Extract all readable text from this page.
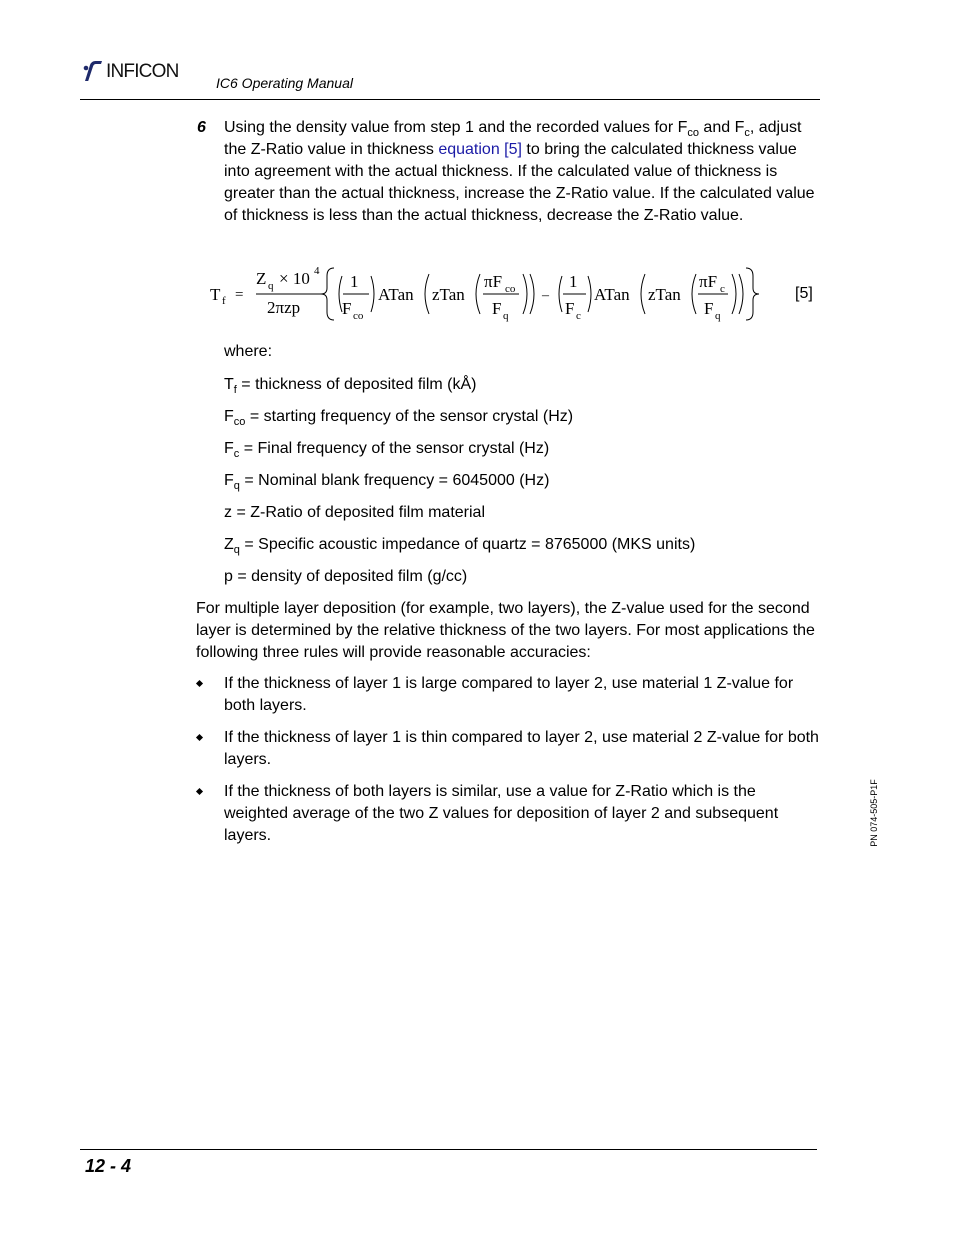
INFICON
IC6 Operating Manual
6 Using the density value from step 1 and the recorded values for $F_{co}$ and $F_c$, adjust the Z-Ratio value in thickness equation [5] to bring the calculated thickness value into agreement with the actual thickness. If the calculated value of thickness is greater than the actual thickness, increase the Z-Ratio value. If the calculated value of thickness is less than the actual thickness, decrease the Z-Ratio value.
T f =
Z q × 10 4
2πzp
1
F co
ATan zTan
πF co
F q
–
1
F c
ATan zTan
πF c
F q
[5]
where:
$T_f$ = thickness of deposited film (kÅ)
$F_{co}$ = starting frequency of the sensor crystal (Hz)
$F_c$ = Final frequency of the sensor crystal (Hz)
$F_q$ = Nominal blank frequency = 6045000 (Hz)
z = Z-Ratio of deposited film material
$Z_q$ = Specific acoustic impedance of quartz = 8765000 (MKS units)
p = density of deposited film (g/cc)
For multiple layer deposition (for example, two layers), the Z-value used for the second layer is determined by the relative thickness of the two layers. For most applications the following three rules will provide reasonable accuracies:
If the thickness of layer 1 is large compared to layer 2, use material 1 Z-value for both layers.
If the thickness of layer 1 is thin compared to layer 2, use material 2 Z-value for both layers.
If the thickness of both layers is similar, use a value for Z-Ratio which is the weighted average of the two Z values for deposition of layer 2 and subsequent layers.	PN 074-505-P1F
12 - 4
